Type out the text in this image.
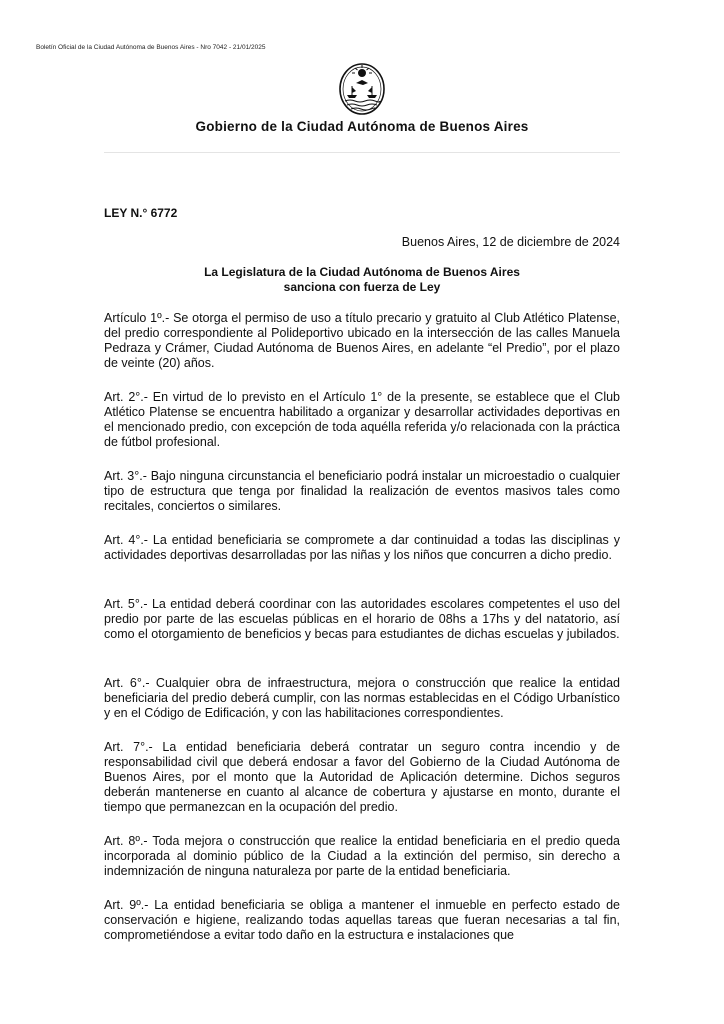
Boletín Oficial de la Ciudad Autónoma de Buenos Aires - Nro 7042 - 21/01/2025
Gobierno de la Ciudad Autónoma de Buenos Aires
LEY N.° 6772
Buenos Aires, 12 de diciembre de 2024
La Legislatura de la Ciudad Autónoma de Buenos Aires
sanciona con fuerza de Ley

Artículo 1º.- Se otorga el permiso de uso a título precario y gratuito al Club Atlético Platense, del predio correspondiente al Polideportivo ubicado en la intersección de las calles Manuela Pedraza y Crámer, Ciudad Autónoma de Buenos Aires, en adelante “el Predio”, por el plazo de veinte (20) años.

Art. 2°.- En virtud de lo previsto en el Artículo 1° de la presente, se establece que el Club Atlético Platense se encuentra habilitado a organizar y desarrollar actividades deportivas en el mencionado predio, con excepción de toda aquélla referida y/o relacionada con la práctica de fútbol profesional.

Art. 3°.- Bajo ninguna circunstancia el beneficiario podrá instalar un microestadio o cualquier tipo de estructura que tenga por finalidad la realización de eventos masivos tales como recitales, conciertos o similares.

Art. 4°.- La entidad beneficiaria se compromete a dar continuidad a todas las disciplinas y actividades deportivas desarrolladas por las niñas y los niños que concurren a dicho predio.

Art. 5°.- La entidad deberá coordinar con las autoridades escolares competentes el uso del predio por parte de las escuelas públicas en el horario de 08hs a 17hs y del natatorio, así como el otorgamiento de beneficios y becas para estudiantes de dichas escuelas y jubilados.

Art. 6°.- Cualquier obra de infraestructura, mejora o construcción que realice la entidad beneficiaria del predio deberá cumplir, con las normas establecidas en el Código Urbanístico y en el Código de Edificación, y con las habilitaciones correspondientes.

Art. 7°.- La entidad beneficiaria deberá contratar un seguro contra incendio y de responsabilidad civil que deberá endosar a favor del Gobierno de la Ciudad Autónoma de Buenos Aires, por el monto que la Autoridad de Aplicación determine. Dichos seguros deberán mantenerse en cuanto al alcance de cobertura y ajustarse en monto, durante el tiempo que permanezcan en la ocupación del predio.

Art. 8º.- Toda mejora o construcción que realice la entidad beneficiaria en el predio queda incorporada al dominio público de la Ciudad a la extinción del permiso, sin derecho a indemnización de ninguna naturaleza por parte de la entidad beneficiaria.

Art. 9º.- La entidad beneficiaria se obliga a mantener el inmueble en perfecto estado de conservación e higiene, realizando todas aquellas tareas que fueran necesarias a tal fin, comprometiéndose a evitar todo daño en la estructura e instalaciones que
